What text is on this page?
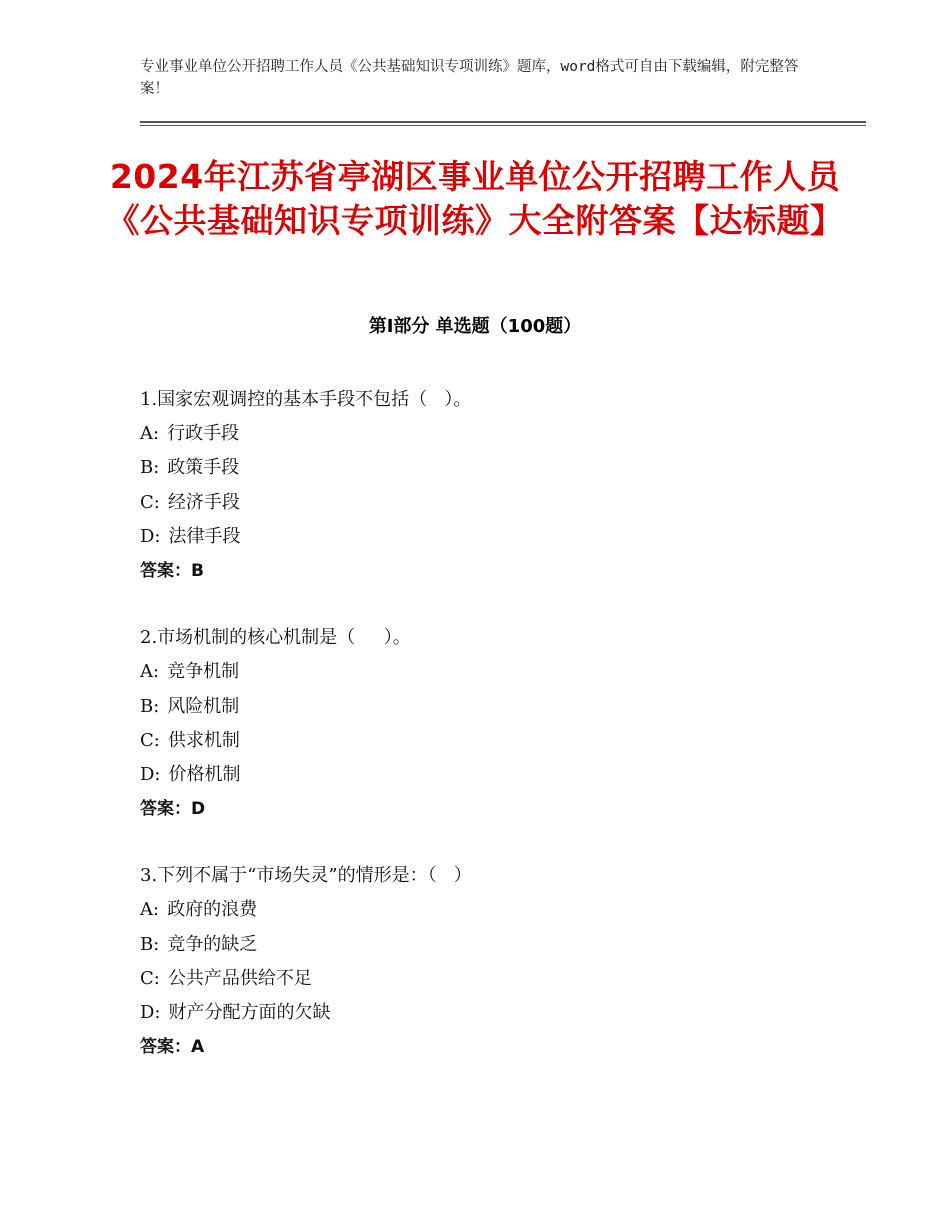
专业事业单位公开招聘工作人员《公共基础知识专项训练》题库，word格式可自由下载编辑，附完整答案！

2024年江苏省亭湖区事业单位公开招聘工作人员《公共基础知识专项训练》大全附答案【达标题】
第Ⅰ部分 单选题（100题）
1.国家宏观调控的基本手段不包括（   ）。
A: 行政手段
B: 政策手段
C: 经济手段
D: 法律手段
答案：B
2.市场机制的核心机制是（     ）。
A: 竞争机制
B: 风险机制
C: 供求机制
D: 价格机制
答案：D
3.下列不属于“市场失灵”的情形是：（   ）
A: 政府的浪费
B: 竞争的缺乏
C: 公共产品供给不足
D: 财产分配方面的欠缺
答案：A
